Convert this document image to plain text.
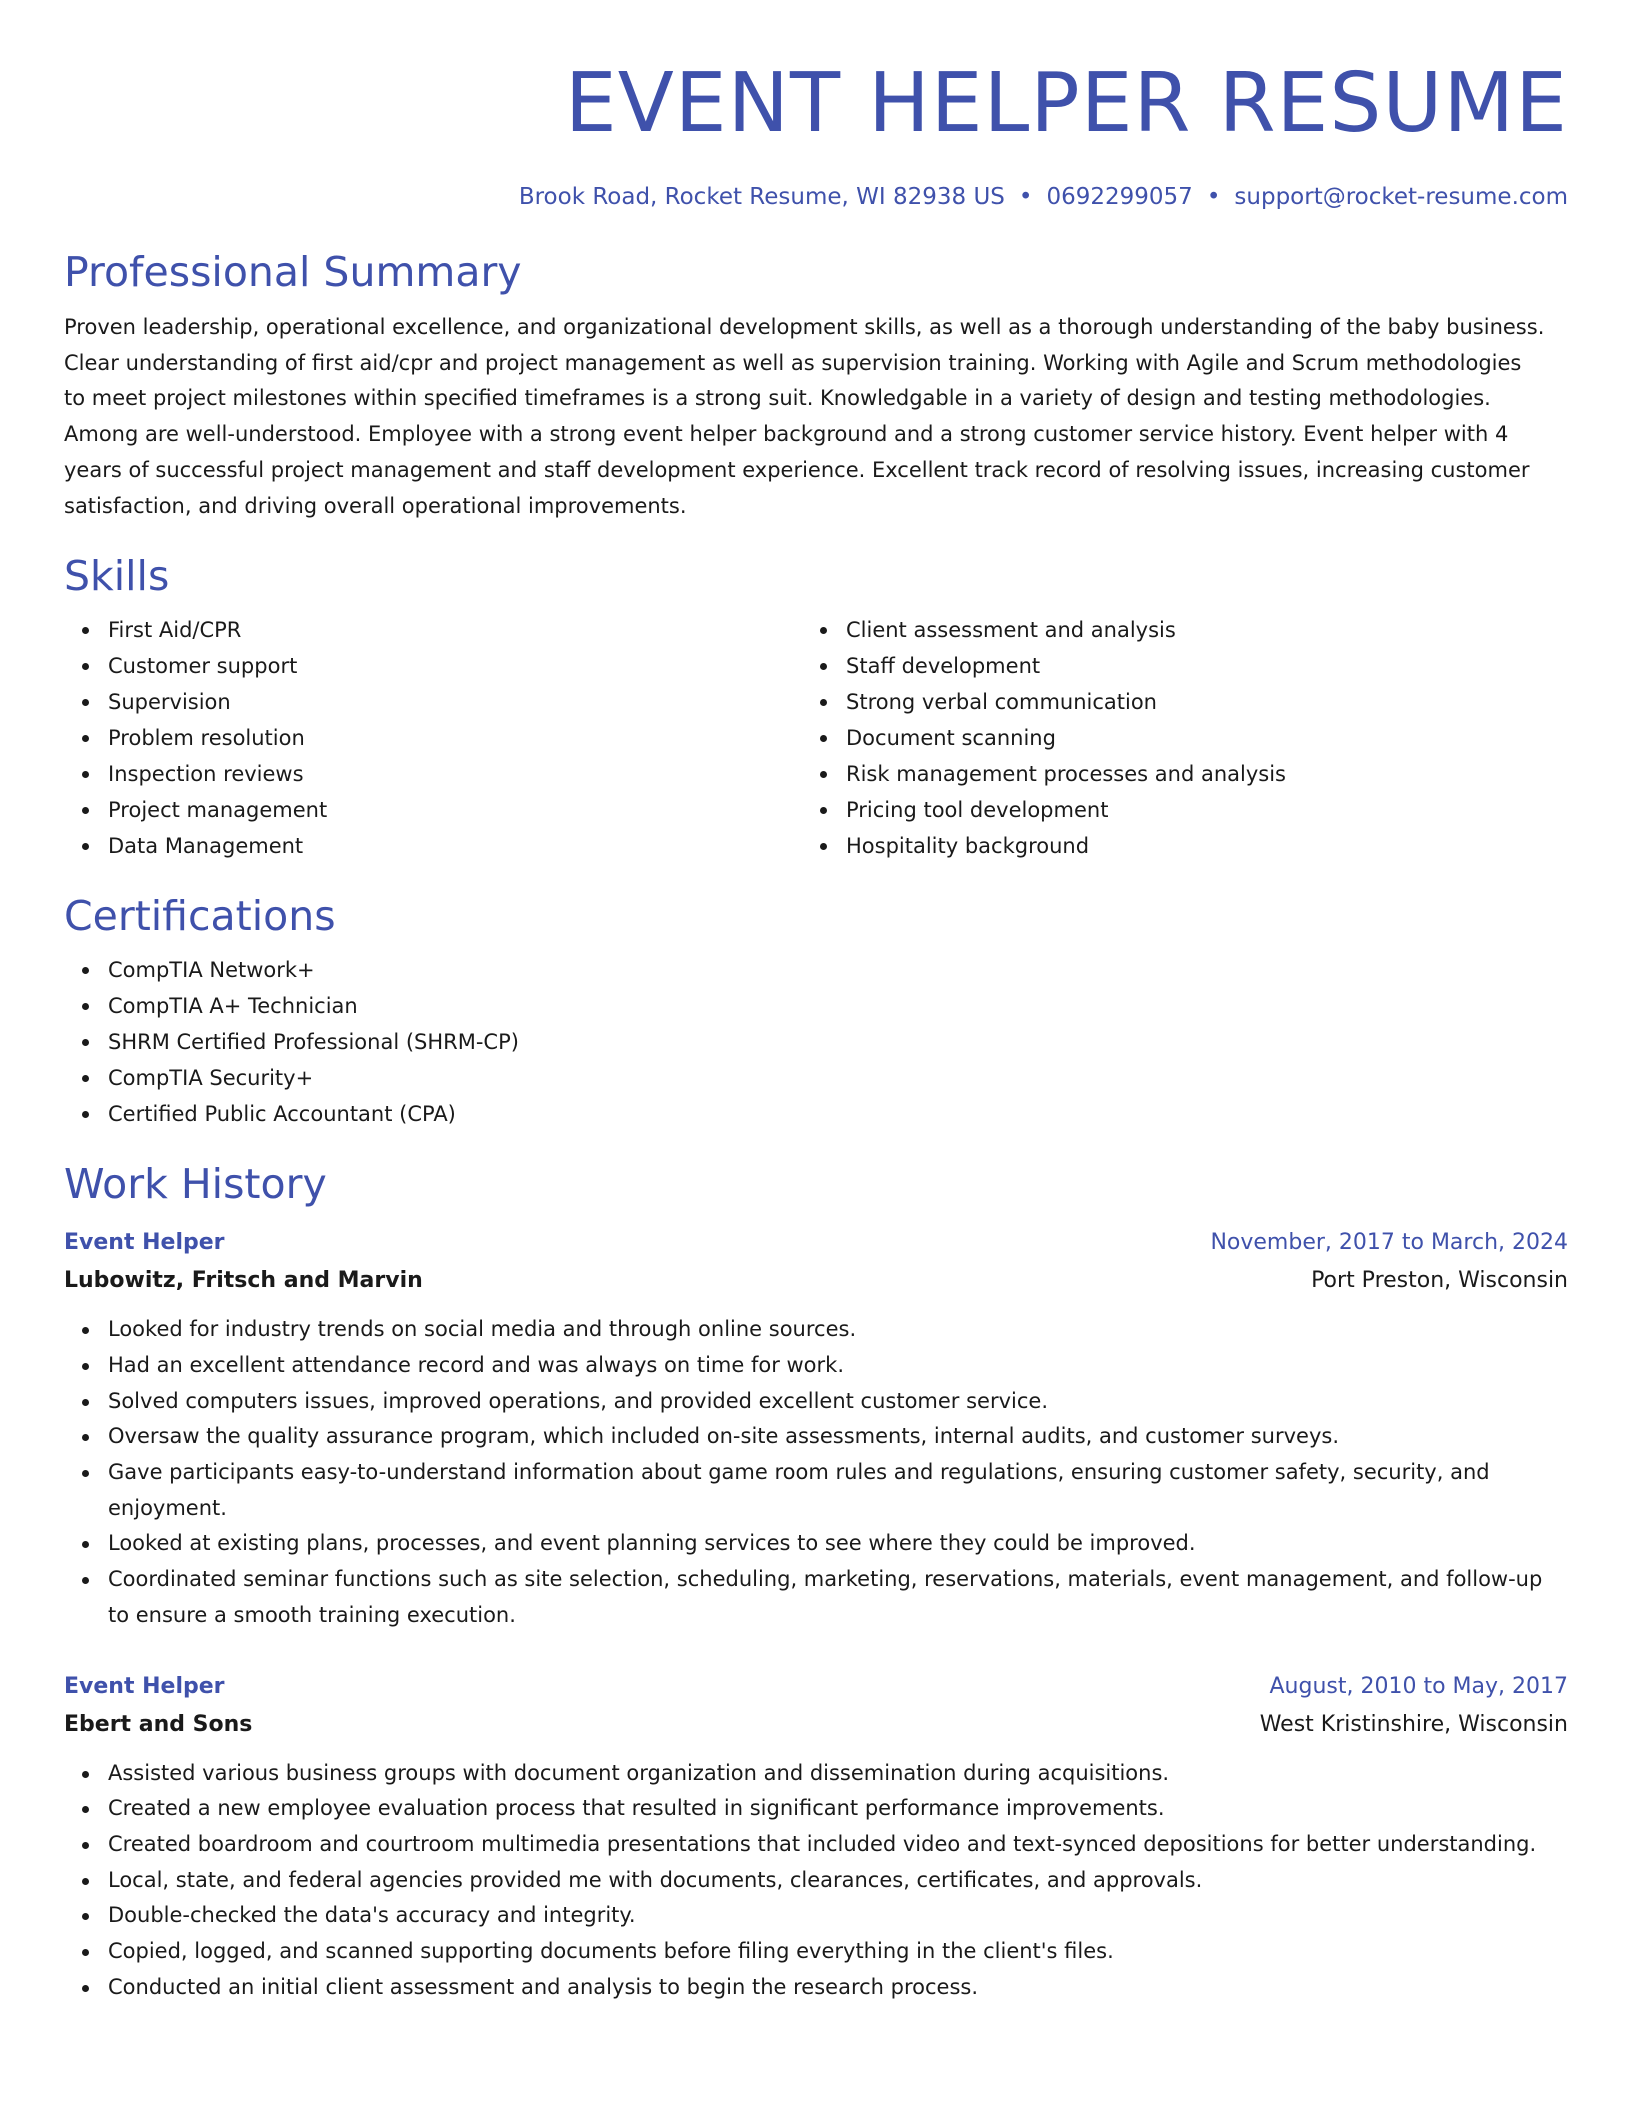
EVENT HELPER RESUME
Brook Road, Rocket Resume, WI 82938 US • 0692299057 • support@rocket-resume.com
Professional Summary

Proven leadership, operational excellence, and organizational development skills, as well as a thorough understanding of the baby business. Clear understanding of first aid/cpr and project management as well as supervision training. Working with Agile and Scrum methodologies to meet project milestones within specified timeframes is a strong suit. Knowledgable in a variety of design and testing methodologies. Among are well-understood. Employee with a strong event helper background and a strong customer service history. Event helper with 4 years of successful project management and staff development experience. Excellent track record of resolving issues, increasing customer satisfaction, and driving overall operational improvements.

Skills
First Aid/CPR
Customer support
Supervision
Problem resolution
Inspection reviews
Project management
Data Management
Client assessment and analysis
Staff development
Strong verbal communication
Document scanning
Risk management processes and analysis
Pricing tool development
Hospitality background
Certifications
CompTIA Network+
CompTIA A+ Technician
SHRM Certified Professional (SHRM-CP)
CompTIA Security+
Certified Public Accountant (CPA)
Work History
Event Helper	November, 2017 to March, 2024
Lubowitz, Fritsch and Marvin	Port Preston, Wisconsin
Looked for industry trends on social media and through online sources.
Had an excellent attendance record and was always on time for work.
Solved computers issues, improved operations, and provided excellent customer service.
Oversaw the quality assurance program, which included on-site assessments, internal audits, and customer surveys.
Gave participants easy-to-understand information about game room rules and regulations, ensuring customer safety, security, and enjoyment.
Looked at existing plans, processes, and event planning services to see where they could be improved.
Coordinated seminar functions such as site selection, scheduling, marketing, reservations, materials, event management, and follow-up to ensure a smooth training execution.
Event Helper	August, 2010 to May, 2017
Ebert and Sons	West Kristinshire, Wisconsin
Assisted various business groups with document organization and dissemination during acquisitions.
Created a new employee evaluation process that resulted in significant performance improvements.
Created boardroom and courtroom multimedia presentations that included video and text-synced depositions for better understanding.
Local, state, and federal agencies provided me with documents, clearances, certificates, and approvals.
Double-checked the data's accuracy and integrity.
Copied, logged, and scanned supporting documents before filing everything in the client's files.
Conducted an initial client assessment and analysis to begin the research process.
